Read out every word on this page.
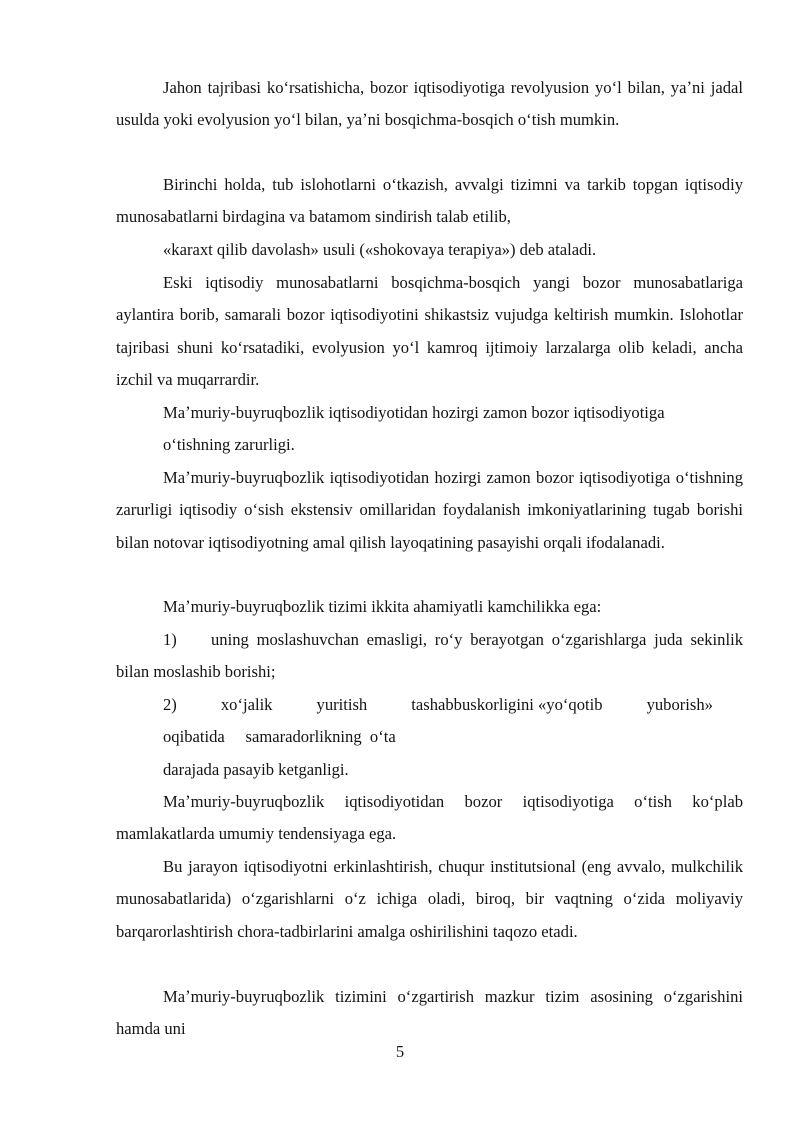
Jahon tajribasi koʻrsatishicha, bozor iqtisodiyotiga revolyusion yoʻl bilan, yaʼni jadal usulda yoki evolyusion yoʻl bilan, yaʼni bosqichma-bosqich oʻtish mumkin.

Birinchi holda, tub islohotlarni oʻtkazish, avvalgi tizimni va tarkib topgan iqtisodiy munosabatlarni birdagina va batamom sindirish talab etilib,

«karaxt qilib davolash» usuli («shokovaya terapiya») deb ataladi.

Eski iqtisodiy munosabatlarni bosqichma-bosqich yangi bozor munosabatlariga aylantira borib, samarali bozor iqtisodiyotini shikastsiz vujudga keltirish mumkin. Islohotlar tajribasi shuni koʻrsatadiki, evolyusion yoʻl kamroq ijtimoiy larzalarga olib keladi, ancha izchil va muqarrardir.

Maʼmuriy-buyruqbozlik iqtisodiyotidan hozirgi zamon bozor iqtisodiyotiga

oʻtishning zarurligi.

Maʼmuriy-buyruqbozlik iqtisodiyotidan hozirgi zamon bozor iqtisodiyotiga oʻtishning zarurligi iqtisodiy oʻsish ekstensiv omillaridan foydalanish imkoniyatlarining tugab borishi bilan notovar iqtisodiyotning amal qilish layoqatining pasayishi orqali ifodalanadi.

Maʼmuriy-buyruqbozlik tizimi ikkita ahamiyatli kamchilikka ega:

1) uning moslashuvchan emasligi, roʻy berayotgan oʻzgarishlarga juda sekinlik bilan moslashib borishi;

2)	xoʻjalik	yuritish	tashabbuskorligini «yoʻqotib	yuborish»

oqibatida     samaradorlikning  oʻta

darajada pasayib ketganligi.

Maʼmuriy-buyruqbozlik iqtisodiyotidan bozor iqtisodiyotiga oʻtish koʻplab mamlakatlarda umumiy tendensiyaga ega.

Bu jarayon iqtisodiyotni erkinlashtirish, chuqur institutsional (eng avvalo, mulkchilik munosabatlarida) oʻzgarishlarni oʻz ichiga oladi, biroq, bir vaqtning oʻzida moliyaviy barqarorlashtirish chora-tadbirlarini amalga oshirilishini taqozo etadi.

Maʼmuriy-buyruqbozlik tizimini oʻzgartirish mazkur tizim asosining oʻzgarishini hamda uni

5
